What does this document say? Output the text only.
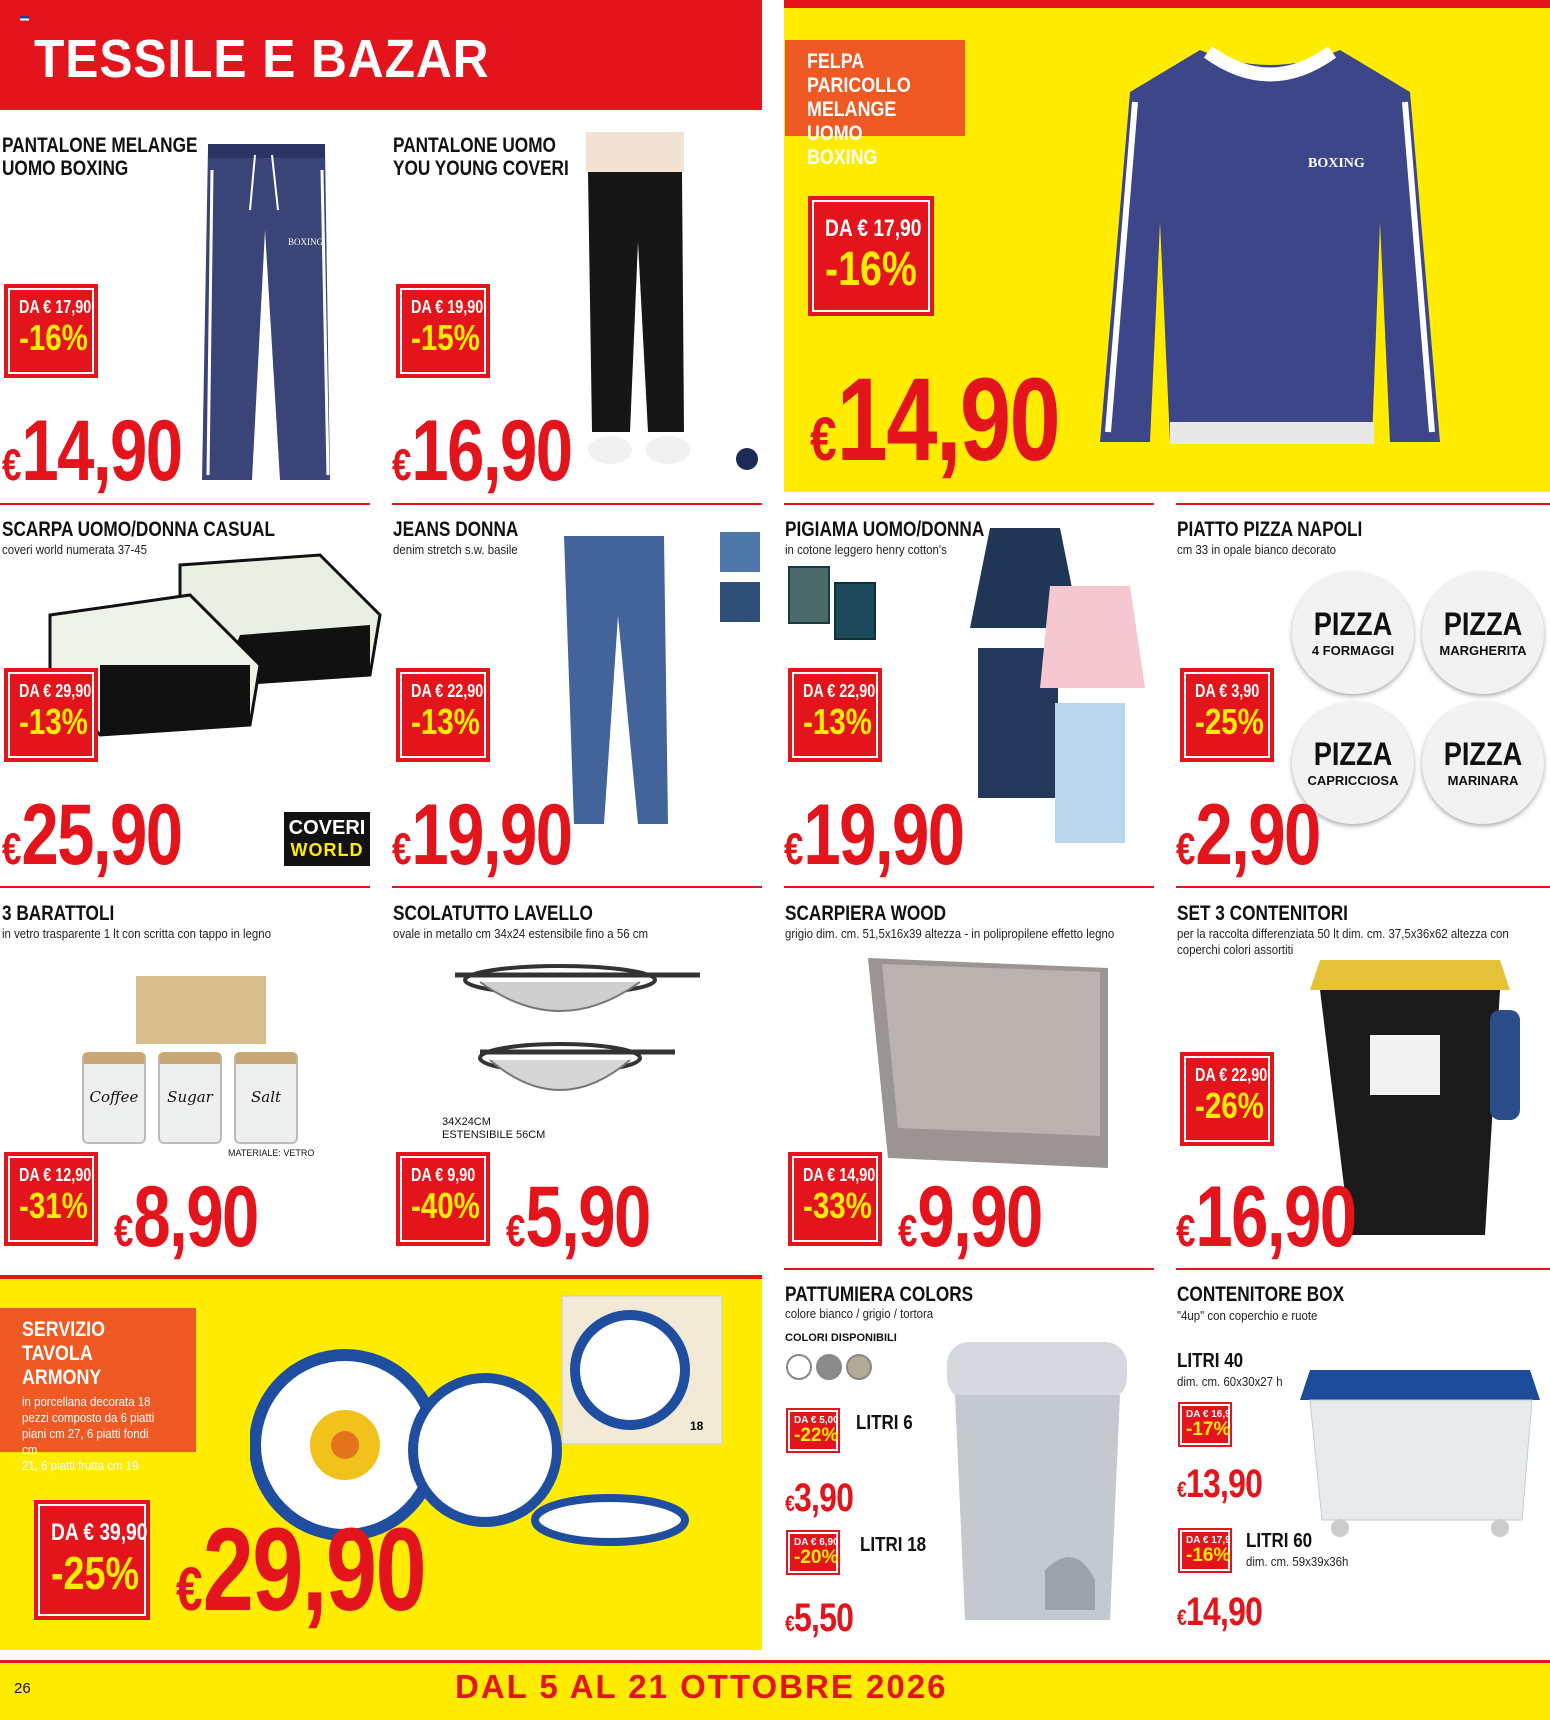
TESSILE E BAZAR
PANTALONE MELANGE
UOMO BOXING
BOXING
DA € 17,90
-16%
€14,90
PANTALONE UOMO
YOU YOUNG COVERI
DA € 19,90
-15%
€16,90
FELPA PARICOLLO
MELANGE UOMO
BOXING	BOXING
DA € 17,90
-16%
€14,90
SCARPA UOMO/DONNA CASUAL
coveri world numerata 37-45
DA € 29,90
-13%
€25,90	COVERI
WORLD
JEANS DONNA
denim stretch s.w. basile
DA € 22,90
-13%
€19,90
PIGIAMA UOMO/DONNA
in cotone leggero henry cotton's
DA € 22,90
-13%
€19,90
PIATTO PIZZA NAPOLI
cm 33 in opale bianco decorato
PIZZA
4 FORMAGGI
PIZZA
MARGHERITA
PIZZA
CAPRICCIOSA
PIZZA
MARINARA
DA € 3,90
-25%
€2,90
3 BARATTOLI
in vetro trasparente 1 lt con scritta con tappo in legno
Coffee	Sugar	Salt
MATERIALE: VETRO
DA € 12,90
-31%
€8,90
SCOLATUTTO LAVELLO
ovale in metallo cm 34x24 estensibile fino a 56 cm
34X24CM
ESTENSIBILE 56CM
DA € 9,90
-40%
€5,90
SCARPIERA WOOD
grigio dim. cm. 51,5x16x39 altezza - in polipropilene effetto legno
DA € 14,90
-33%
€9,90
SET 3 CONTENITORI
per la raccolta differenziata 50 lt dim. cm. 37,5x36x62 altezza con coperchi colori assortiti
DA € 22,90
-26%
€16,90
SERVIZIO TAVOLA
ARMONY
in porcellana decorata 18
pezzi composto da 6 piatti
piani cm 27, 6 piatti fondi cm
21, 6 piatti frutta cm 19
18
DA € 39,90
-25% €29,90
PATTUMIERA COLORS
colore bianco / grigio / tortora
COLORI DISPONIBILI
DA € 5,00
-22%
LITRI 6
€3,90
DA € 6,90
-20%
LITRI 18
€5,50
CONTENITORE BOX
"4up" con coperchio e ruote
LITRI 40
dim. cm. 60x30x27 h
DA € 16,90
-17%
€13,90
DA € 17,90
-16%
LITRI 60
dim. cm. 59x39x36h
€14,90
DAL 5 AL 21 OTTOBRE 2026
26
